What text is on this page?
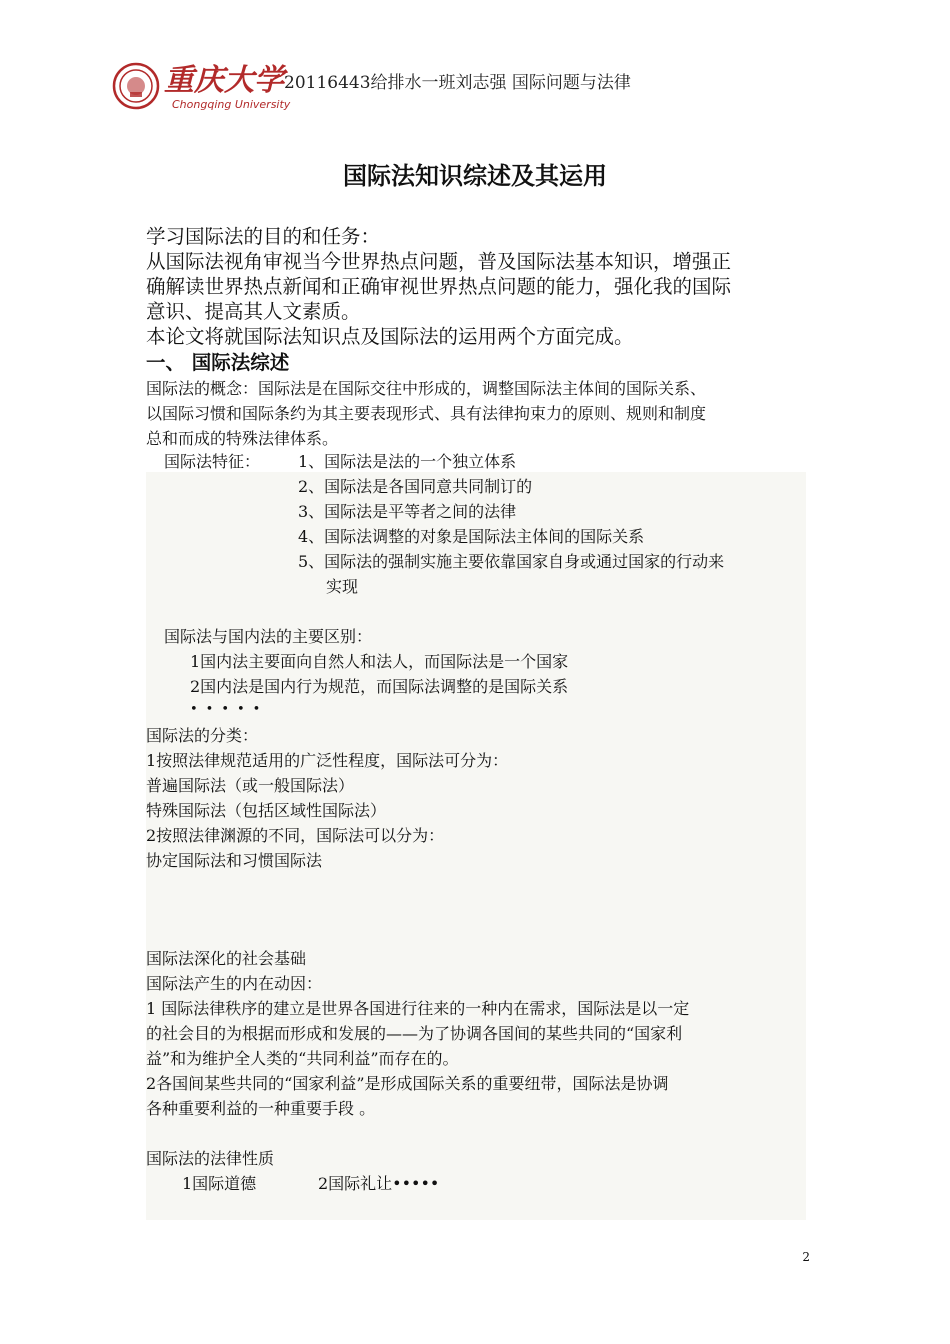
重庆大学
Chongqing University
20116443给排水一班刘志强 国际问题与法律
国际法知识综述及其运用
学习国际法的目的和任务：
从国际法视角审视当今世界热点问题，普及国际法基本知识，增强正
确解读世界热点新闻和正确审视世界热点问题的能力，强化我的国际
意识、提高其人文素质。
本论文将就国际法知识点及国际法的运用两个方面完成。
一、 国际法综述
国际法的概念：国际法是在国际交往中形成的，调整国际法主体间的国际关系、
以国际习惯和国际条约为其主要表现形式、具有法律拘束力的原则、规则和制度
总和而成的特殊法律体系。
国际法特征： 1、国际法是法的一个独立体系
2、国际法是各国同意共同制订的
3、国际法是平等者之间的法律
4、国际法调整的对象是国际法主体间的国际关系
5、国际法的强制实施主要依靠国家自身或通过国家的行动来
实现
国际法与国内法的主要区别：
1国内法主要面向自然人和法人，而国际法是一个国家
2国内法是国内行为规范，而国际法调整的是国际关系
•••••
国际法的分类：
1按照法律规范适用的广泛性程度，国际法可分为：
普遍国际法（或一般国际法）
特殊国际法（包括区域性国际法）
2按照法律渊源的不同，国际法可以分为：
协定国际法和习惯国际法
国际法深化的社会基础
国际法产生的内在动因：
1 国际法律秩序的建立是世界各国进行往来的一种内在需求，国际法是以一定
的社会目的为根据而形成和发展的——为了协调各国间的某些共同的“国家利
益”和为维护全人类的“共同利益”而存在的。
2各国间某些共同的“国家利益”是形成国际关系的重要纽带，国际法是协调
各种重要利益的一种重要手段 。
国际法的法律性质
1国际道德	2国际礼让•••••
2
